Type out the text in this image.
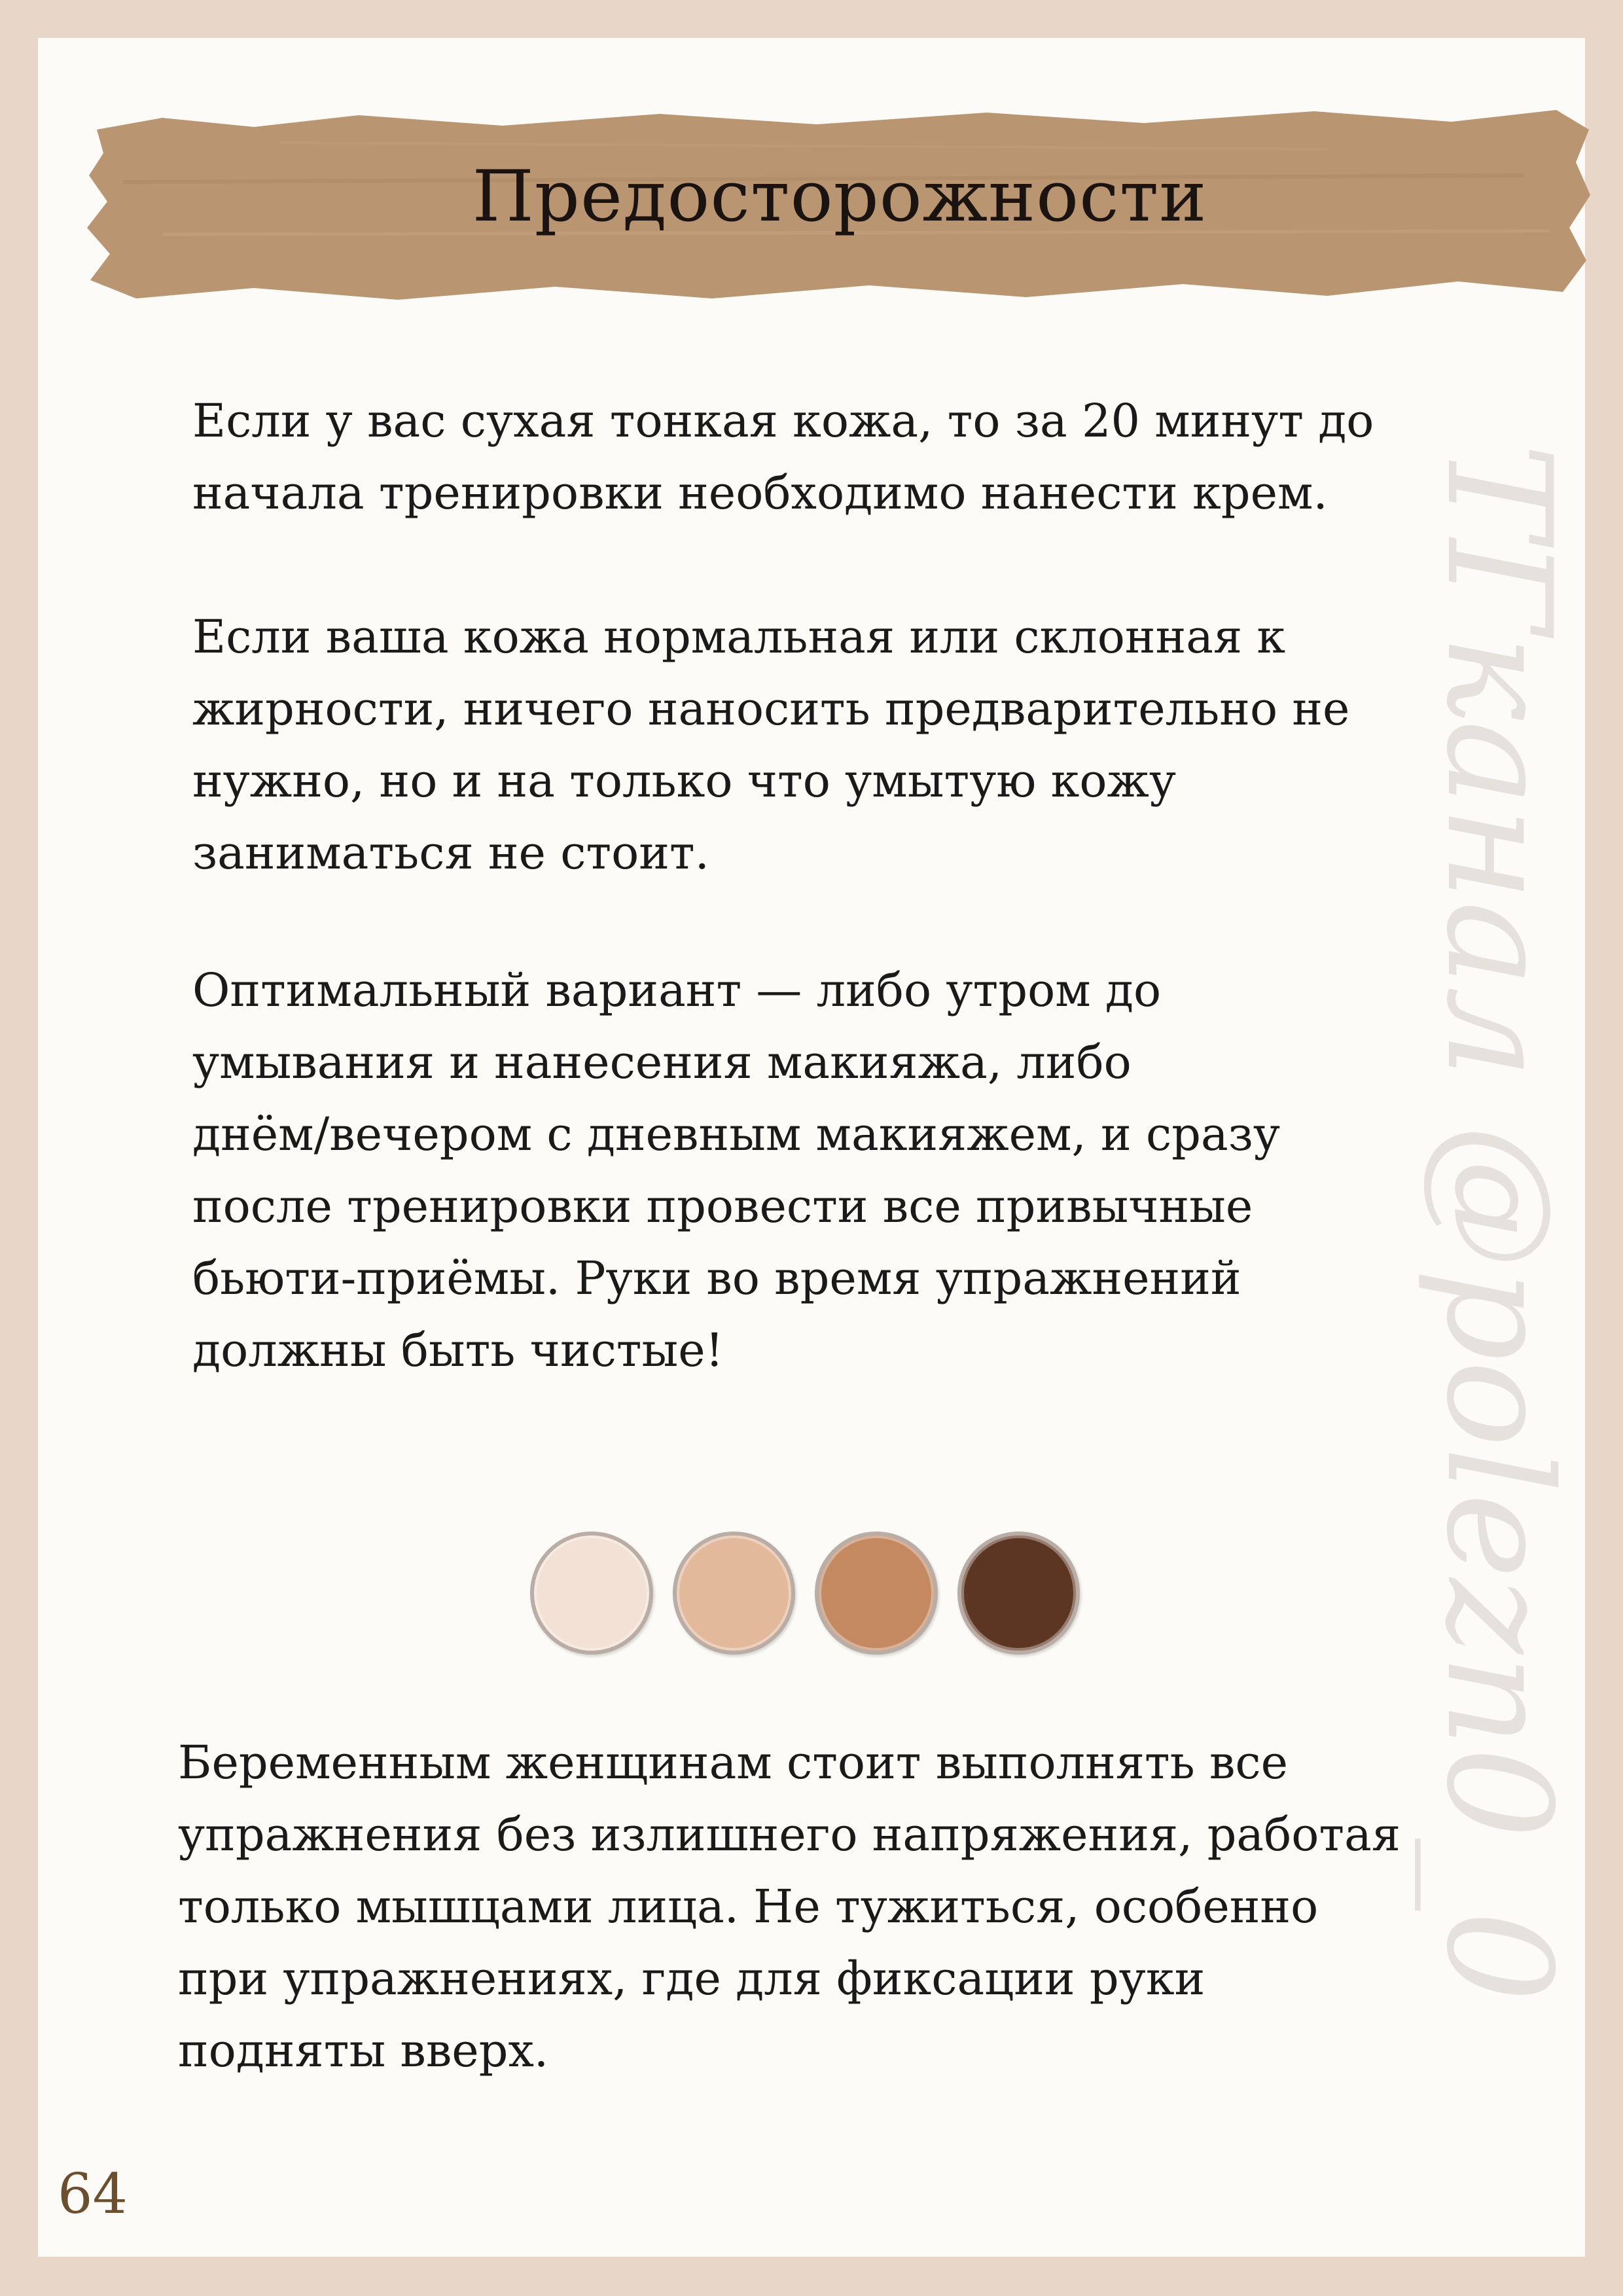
Предосторожности
ТГканал @polezn0_0

Если у вас сухая тонкая кожа, то за 20 минут до
начала тренировки необходимо нанести крем.

Если ваша кожа нормальная или склонная к
жирности, ничего наносить предварительно не
нужно, но и на только что умытую кожу
заниматься не стоит.

Оптимальный вариант — либо утром до
умывания и нанесения макияжа, либо
днём/вечером с дневным макияжем, и сразу
после тренировки провести все привычные
бьюти-приёмы. Руки во время упражнений
должны быть чистые!

Беременным женщинам стоит выполнять все
упражнения без излишнего напряжения, работая
только мышцами лица. Не тужиться, особенно
при упражнениях, где для фиксации руки
подняты вверх.

64
